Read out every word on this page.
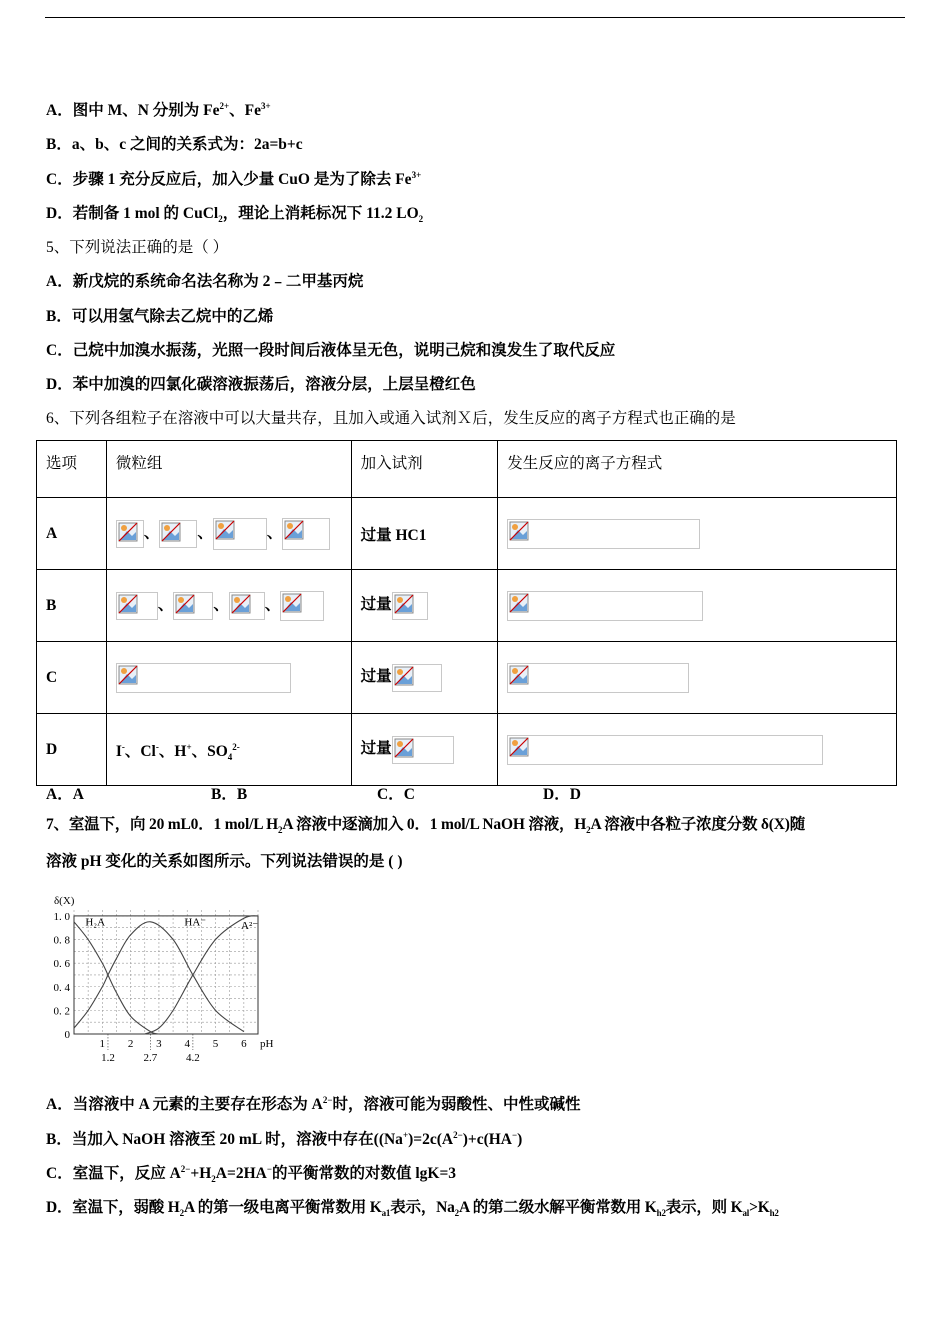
A．图中 M、N 分别为 $Fe^{2+}$、$Fe^{3+}$
B．a、b、c 之间的关系式为：2a=b+c
C．步骤 1 充分反应后，加入少量 CuO 是为了除去 $Fe^{3+}$
D．若制备 1 mol 的 CuCl$_2$，理论上消耗标况下 11.2 $LO_2$
5、下列说法正确的是（ ）
A．新戊烷的系统命名法名称为 2﹣二甲基丙烷
B．可以用氢气除去乙烷中的乙烯
C．己烷中加溴水振荡，光照一段时间后液体呈无色，说明己烷和溴发生了取代反应
D．苯中加溴的四氯化碳溶液振荡后，溶液分层，上层呈橙红色
6、下列各组粒子在溶液中可以大量共存，且加入或通入试剂Ｘ后，发生反应的离子方程式也正确的是
选项	微粒组	加入试剂	发生反应的离子方程式
A	、 、 、	过量 HC1	

B	、 、 、	过量

C		过量

D	I-、Cl-、H+、$SO_4^{2-}$	过量

A．A	B．B	C．C	D．D
7、室温下，向 20 mL0．1 mol/L $H_2A$ 溶液中逐滴加入 0．1 mol/L NaOH 溶液，$H_2A$ 溶液中各粒子浓度分数 δ(X)随
溶液 pH 变化的关系如图所示。下列说法错误的是 ( )
1. 0
0. 8
0. 6
0. 4
0. 2
0
1 2 3 4 5 6
1.2	2.7	4.2
pH
δ(X)
H₂A	HA⁻	A²⁻
A．当溶液中 A 元素的主要存在形态为 $A^{2-}$时，溶液可能为弱酸性、中性或碱性
B．当加入 NaOH 溶液至 20 mL 时，溶液中存在($(Na^+)=2c(A^{2-})+c(HA^-)$
C．室温下，反应 $A^{2-}+H_2A=2HA^-$的平衡常数的对数值 lgK=3
D．室温下，弱酸 $H_2A$ 的第一级电离平衡常数用 $K_{a1}$表示，$Na_2A$ 的第二级水解平衡常数用 $K_{h2}$表示，则 $K_{al}>K_{h2}$
